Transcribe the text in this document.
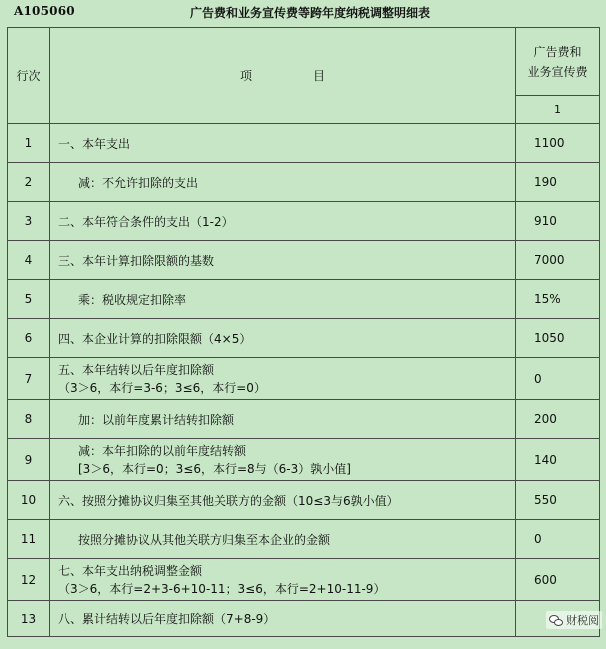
A105060	广告费和业务宣传费等跨年度纳税调整明细表
行次	项                目	广告费和
业务宣传费

		1
1	一、本年支出	1100
2	减：不允许扣除的支出	190
3	二、本年符合条件的支出（1-2）	910
4	三、本年计算扣除限额的基数	7000
5	乘：税收规定扣除率	15%
6	四、本企业计算的扣除限额（4×5）	1050
7	五、本年结转以后年度扣除额
（3＞6，本行=3-6；3≤6，本行=0）	0
8	加：以前年度累计结转扣除额	200
9	减：本年扣除的以前年度结转额
[3＞6，本行=0；3≤6，本行=8与（6-3）孰小值]	140
10	六、按照分摊协议归集至其他关联方的金额（10≤3与6孰小值）	550
11	按照分摊协议从其他关联方归集至本企业的金额	0
12	七、本年支出纳税调整金额
（3＞6，本行=2+3-6+10-11；3≤6，本行=2+10-11-9）	600
13	八、累计结转以后年度扣除额（7+8-9）		财税阅
